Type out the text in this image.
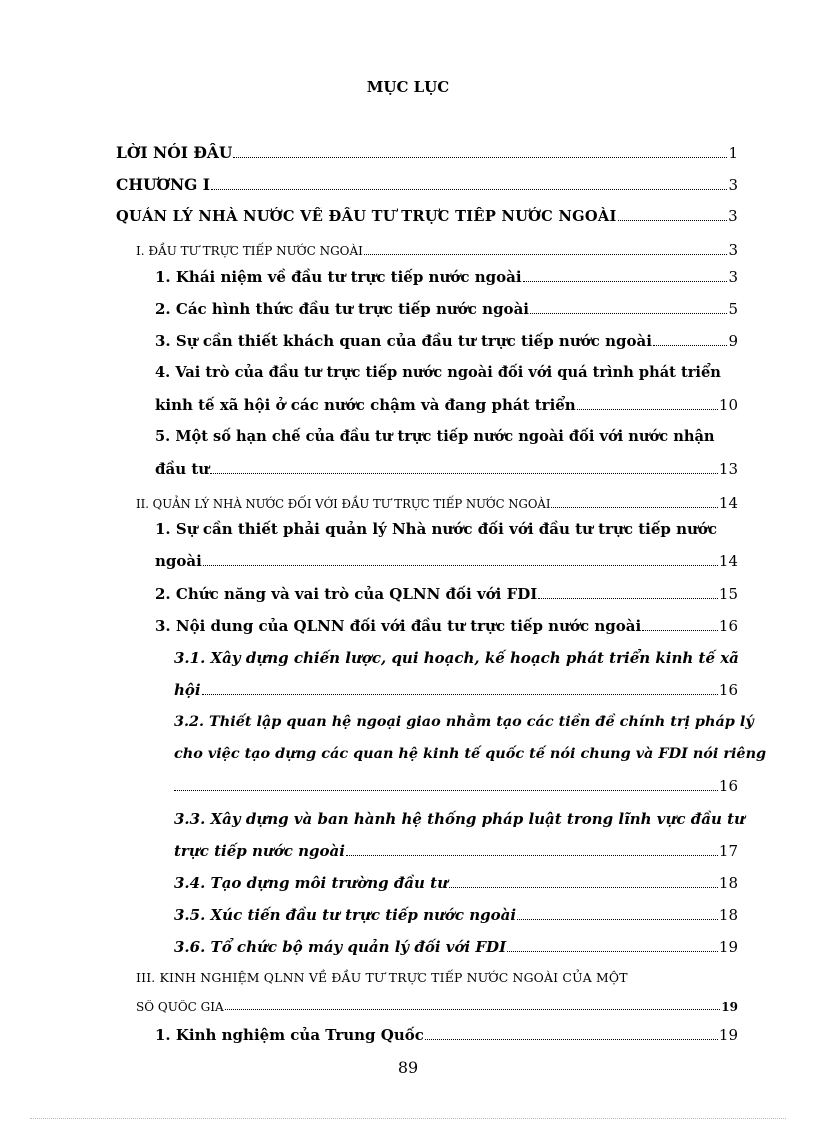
MỤC LỤC
LỜI NÓI ĐẦU	1
CHƯƠNG I	3
QUẢN LÝ NHÀ NƯỚC VỀ ĐẦU TƯ TRỰC TIẾP NƯỚC NGOÀI	3
I. ĐẦU TƯ TRỰC TIẾP NƯỚC NGOÀI	3
1. Khái niệm về đầu tư trực tiếp nước ngoài	3
2. Các hình thức đầu tư trực tiếp nước ngoài	5
3. Sự cần thiết khách quan của đầu tư trực tiếp nước ngoài	9
4. Vai trò của đầu tư trực tiếp nước ngoài đối với quá trình phát triển
kinh tế xã hội ở các nước chậm và đang phát triển	10
5. Một số hạn chế của đầu tư trực tiếp nước ngoài đối với nước nhận
đầu tư	13
II. QUẢN LÝ NHÀ NƯỚC ĐỐI VỚI ĐẦU TƯ TRỰC TIẾP NƯỚC NGOÀI	14
1. Sự cần thiết phải quản lý Nhà nước đối với đầu tư trực tiếp nước
ngoài	14
2. Chức năng và vai trò của QLNN đối với FDI	15
3. Nội dung của QLNN đối với đầu tư trực tiếp nước ngoài	16
3.1. Xây dựng chiến lược, qui hoạch, kế hoạch phát triển kinh tế xã
hội	16
3.2. Thiết lập quan hệ ngoại giao nhằm tạo các tiền đề chính trị pháp lý
cho việc tạo dựng các quan hệ kinh tế quốc tế nói chung và FDI nói riêng
16
3.3. Xây dựng và ban hành hệ thống pháp luật trong lĩnh vực đầu tư
trực tiếp nước ngoài	17
3.4. Tạo dựng môi trường đầu tư	18
3.5. Xúc tiến đầu tư trực tiếp nước ngoài	18
3.6. Tổ chức bộ máy quản lý đối với FDI	19
III. KINH NGHIỆM QLNN VỀ ĐẦU TƯ TRỰC TIẾP NƯỚC NGOÀI CỦA MỘT
SỐ QUỐC GIA	19
1. Kinh nghiệm của Trung Quốc	19
89
